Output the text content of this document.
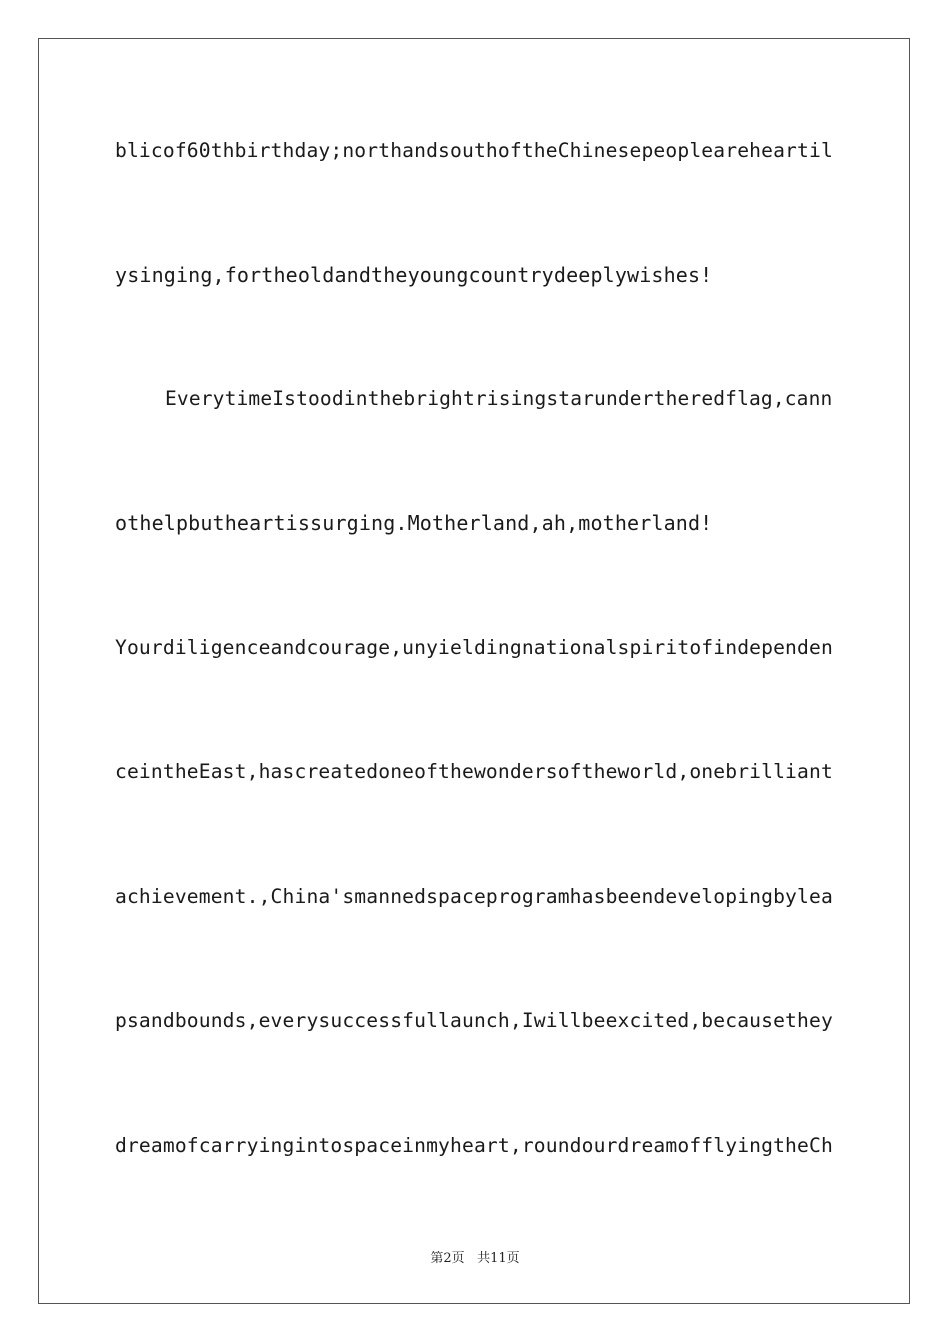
blicof60thbirthday;northandsouthoftheChinesepeopleareheartil
ysinging,fortheoldandtheyoungcountrydeeplywishes!
EverytimeIstoodinthebrightrisingstarundertheredflag,cann
othelpbutheartissurging.Motherland,ah,motherland!
Yourdiligenceandcourage,unyieldingnationalspiritofindependen
ceintheEast,hascreatedoneofthewondersoftheworld,onebrilliant
achievement.,China'smannedspaceprogramhasbeendevelopingbylea
psandbounds,everysuccessfullaunch,Iwillbeexcited,becausethey
dreamofcarryingintospaceinmyheart,roundourdreamofflyingtheCh
第2页 共11页
